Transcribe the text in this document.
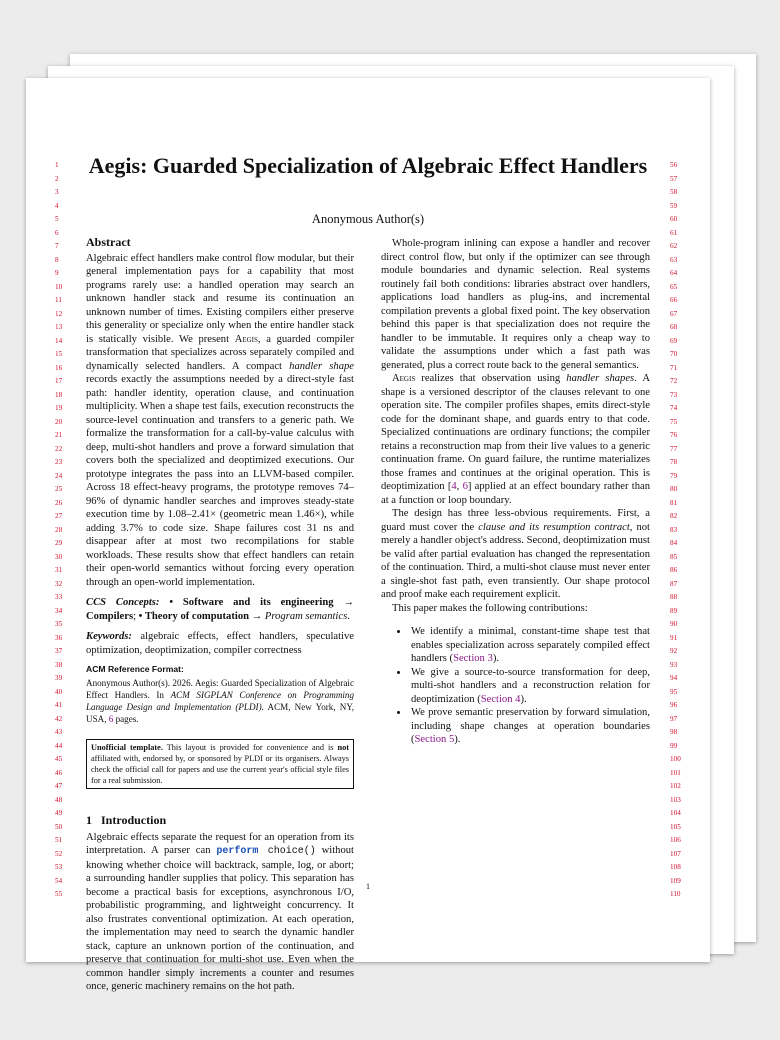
1
2
3
4
5
6
7
8
9
10
11
12
13
14
15
16
17
18
19
20
21
22
23
24
25
26
27
28
29
30
31
32
33
34
35
36
37
38
39
40
41
42
43
44
45
46
47
48
49
50
51
52
53
54
55
56
57
58
59
60
61
62
63
64
65
66
67
68
69
70
71
72
73
74
75
76
77
78
79
80
81
82
83
84
85
86
87
88
89
90
91
92
93
94
95
96
97
98
99
100
101
102
103
104
105
106
107
108
109
110
Aegis: Guarded Specialization of Algebraic Effect Handlers
Anonymous Author(s)
Abstract

Algebraic effect handlers make control flow modular, but their general implementation pays for a capability that most programs rarely use: a handled operation may search an unknown handler stack and resume its continuation an unknown number of times. Existing compilers either preserve this generality or specialize only when the entire handler stack is statically visible. We present Aegis, a guarded compiler transformation that specializes across separately compiled and dynamically selected handlers. A compact handler shape records exactly the assumptions needed by a direct-style fast path: handler identity, operation clause, and continuation multiplicity. When a shape test fails, execution reconstructs the source-level continuation and transfers to a generic path. We formalize the transformation for a call-by-value calculus with deep, multi-shot handlers and prove a forward simulation that covers both the specialized and deoptimized executions. Our prototype integrates the pass into an LLVM-based compiler. Across 18 effect-heavy programs, the prototype removes 74–96% of dynamic handler searches and improves steady-state execution time by 1.08–2.41× (geometric mean 1.46×), while adding 3.7% to code size. Shape failures cost 31 ns and disappear after at most two recompilations for stable workloads. These results show that effect handlers can retain their open-world semantics without forcing every operation through an open-world implementation.

CCS Concepts: • Software and its engineering → Compilers; • Theory of computation → Program semantics.

Keywords: algebraic effects, effect handlers, speculative optimization, deoptimization, compiler correctness

ACM Reference Format:
Anonymous Author(s). 2026. Aegis: Guarded Specialization of Algebraic Effect Handlers. In ACM SIGPLAN Conference on Programming Language Design and Implementation (PLDI). ACM, New York, NY, USA, 6 pages.
Unofficial template. This layout is provided for convenience and is not affiliated with, endorsed by, or sponsored by PLDI or its organisers. Always check the official call for papers and use the current year's official style files for a real submission.
1 Introduction

Algebraic effects separate the request for an operation from its interpretation. A parser can perform choice() without knowing whether choice will backtrack, sample, log, or abort; a surrounding handler supplies that policy. This separation has become a practical basis for exceptions, asynchronous I/O, probabilistic programming, and lightweight concurrency. It also frustrates conventional optimization. At each operation, the implementation may need to search the dynamic handler stack, capture an unknown portion of the continuation, and preserve that continuation for multi-shot use. Even when the common handler simply increments a counter and resumes once, generic machinery remains on the hot path.

Whole-program inlining can expose a handler and recover direct control flow, but only if the optimizer can see through module boundaries and dynamic selection. Real systems routinely fail both conditions: libraries abstract over handlers, applications load handlers as plug-ins, and incremental compilation prevents a global fixed point. The key observation behind this paper is that specialization does not require the handler to be immutable. It requires only a cheap way to validate the assumptions under which a fast path was generated, plus a correct route back to the general semantics.

Aegis realizes that observation using handler shapes. A shape is a versioned descriptor of the clauses relevant to one operation site. The compiler profiles shapes, emits direct-style code for the dominant shape, and guards entry to that code. Specialized continuations are ordinary functions; the compiler retains a reconstruction map from their live values to a generic continuation frame. On guard failure, the runtime materializes those frames and continues at the original operation. This is deoptimization [4, 6] applied at an effect boundary rather than at a function or loop boundary.

The design has three less-obvious requirements. First, a guard must cover the clause and its resumption contract, not merely a handler object's address. Second, deoptimization must be valid after partial evaluation has changed the representation of the continuation. Third, a multi-shot clause must never enter a single-shot fast path, even transiently. Our shape protocol and proof make each requirement explicit.

This paper makes the following contributions:

• We identify a minimal, constant-time shape test that enables specialization across separately compiled effect handlers (Section 3).
• We give a source-to-source transformation for deep, multi-shot handlers and a reconstruction relation for deoptimization (Section 4).
• We prove semantic preservation by forward simulation, including shape changes at operation boundaries (Section 5).
1
